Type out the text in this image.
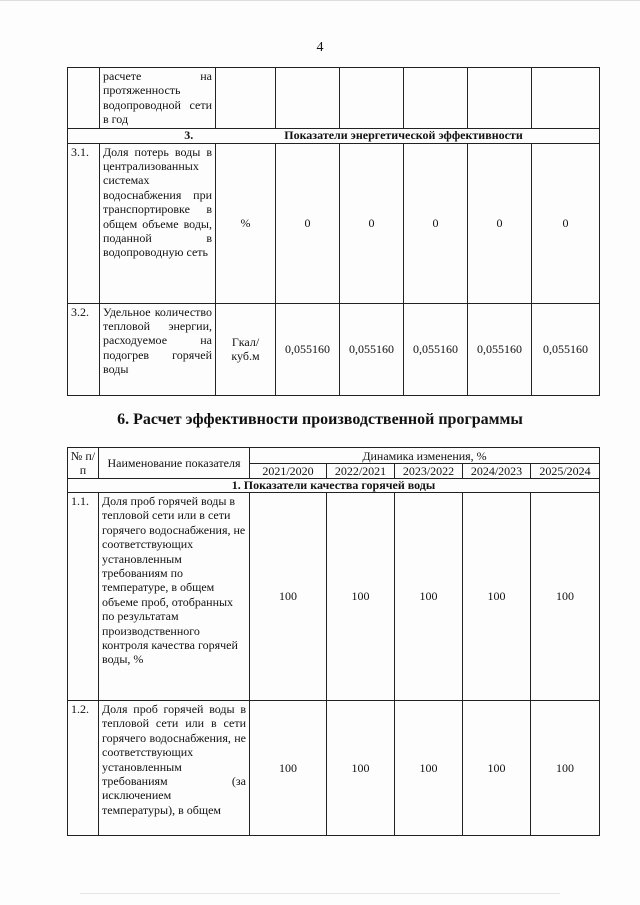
4
	расчете на протяженность водопроводной сети в год						
3. Показатели энергетической эффективности							
3.1.	Доля потерь воды в централизованных системах водоснабжения при транспортировке в общем объеме воды, поданной в водопроводную сеть	%	0	0	0	0	0
3.2.	Удельное количество тепловой энергии, расходуемое на подогрев горячей воды	Гкал/ куб.м	0,055160	0,055160	0,055160	0,055160	0,055160
6. Расчет эффективности производственной программы
№ п/п	Наименование показателя	Динамика изменения, %				
		2021/2020	2022/2021	2023/2022	2024/2023	2025/2024
1. Показатели качества горячей воды						
1.1.	Доля проб горячей воды в тепловой сети или в сети горячего водоснабжения, не соответствующих установленным требованиям по температуре, в общем объеме проб, отобранных по результатам производственного контроля качества горячей воды, %	100	100	100	100	100
1.2.	Доля проб горячей воды в тепловой сети или в сети горячего водоснабжения, не соответствующих установленным требованиям (за исключением температуры), в общем	100	100	100	100	100
